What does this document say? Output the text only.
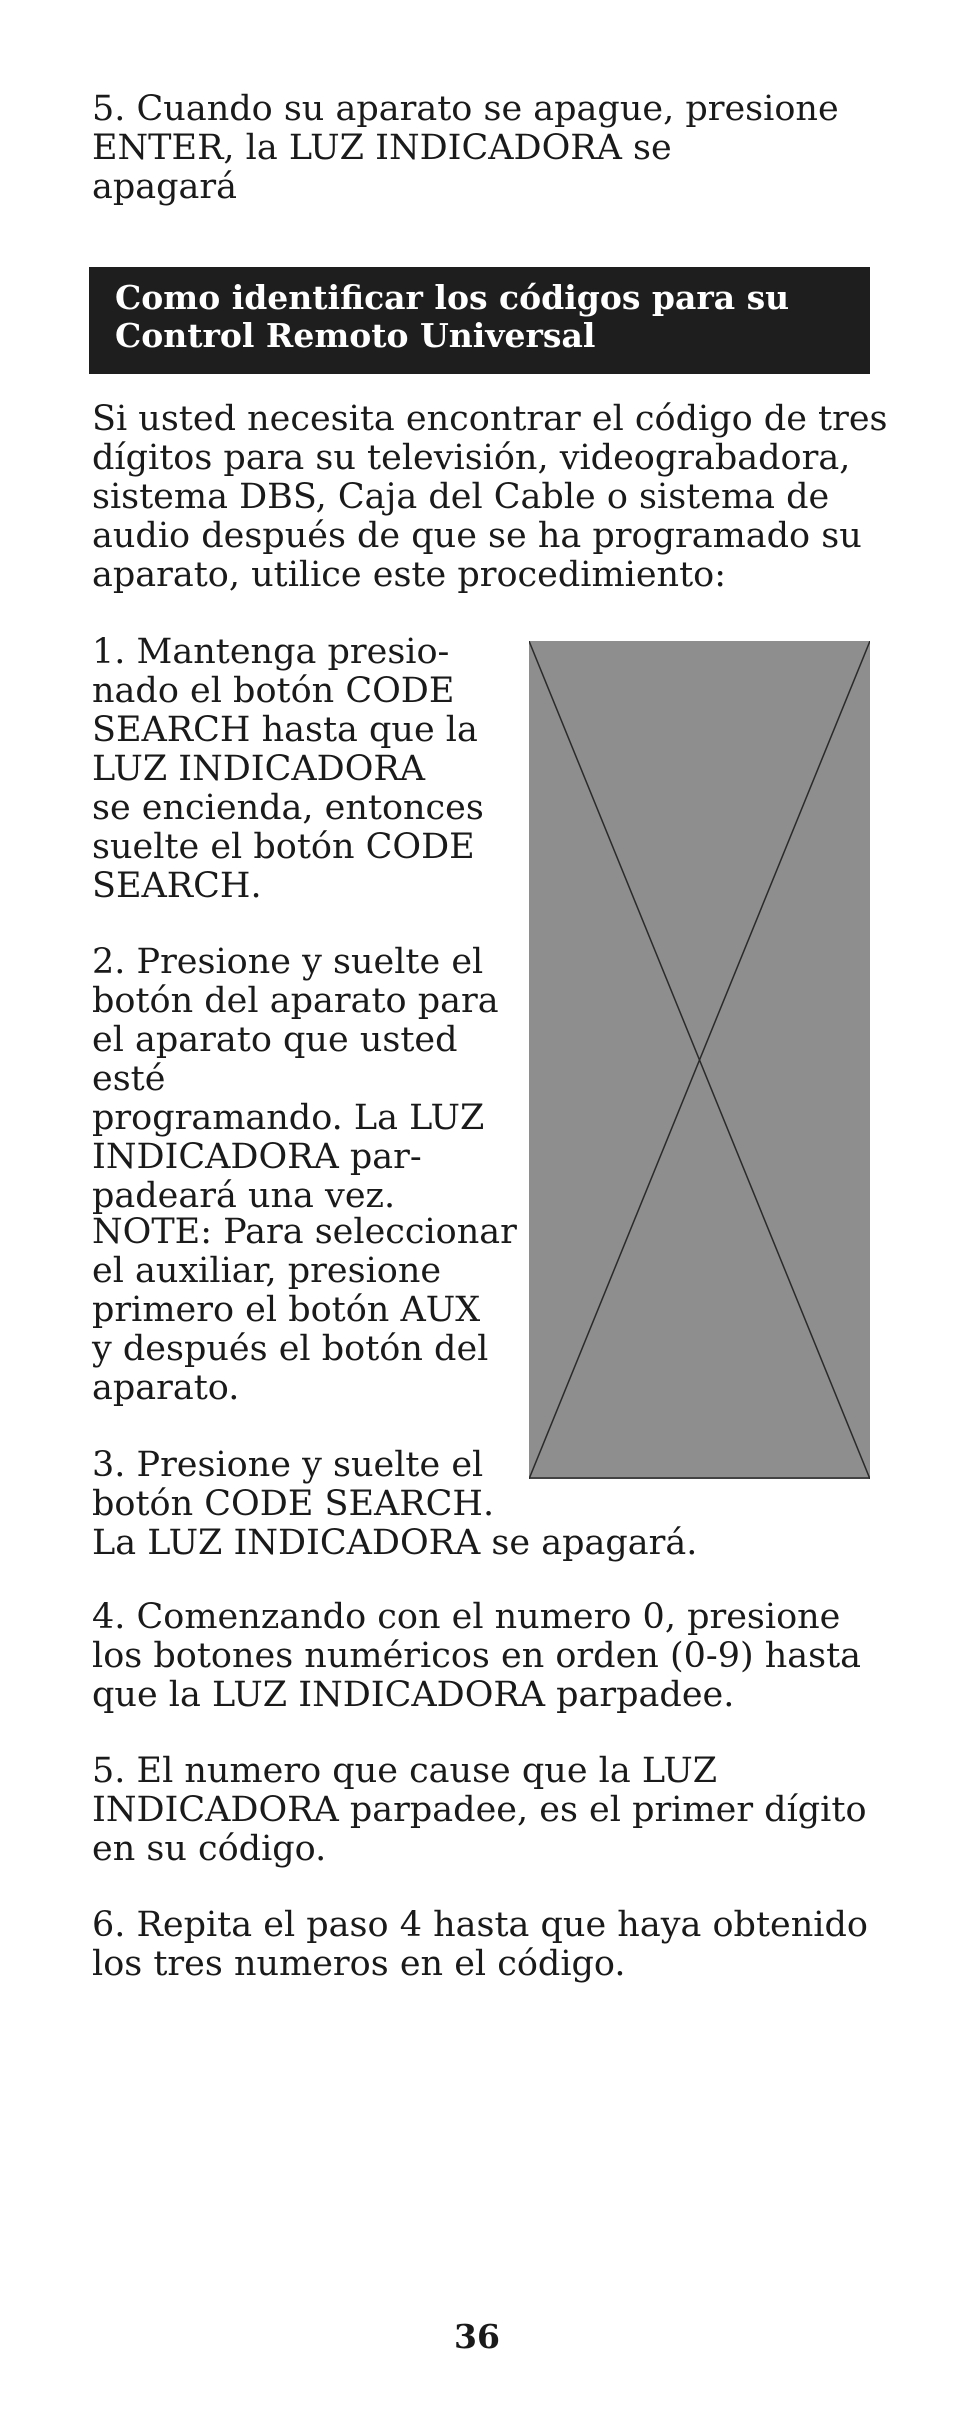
5. Cuando su aparato se apague, presione
ENTER, la LUZ INDICADORA se
apagará

Como identificar los códigos para su
Control Remoto Universal

Si usted necesita encontrar el código de tres
dígitos para su televisión, videograbadora,
sistema DBS, Caja del Cable o sistema de
audio después de que se ha programado su
aparato, utilice este procedimiento:

1. Mantenga presio-
nado el botón CODE
SEARCH hasta que la
LUZ INDICADORA
se encienda, entonces
suelte el botón CODE
SEARCH.

2. Presione y suelte el
botón del aparato para
el aparato que usted esté
programando. La LUZ
INDICADORA par-
padeará una vez.

NOTE: Para seleccionar
el auxiliar, presione
primero el botón AUX
y después el botón del
aparato.

3. Presione y suelte el
botón CODE SEARCH.
La LUZ INDICADORA se apagará.

4. Comenzando con el numero 0, presione
los botones numéricos en orden (0-9) hasta
que la LUZ INDICADORA parpadee.

5. El numero que cause que la LUZ
INDICADORA parpadee, es el primer dígito
en su código.

6. Repita el paso 4 hasta que haya obtenido
los tres numeros en el código.

36
